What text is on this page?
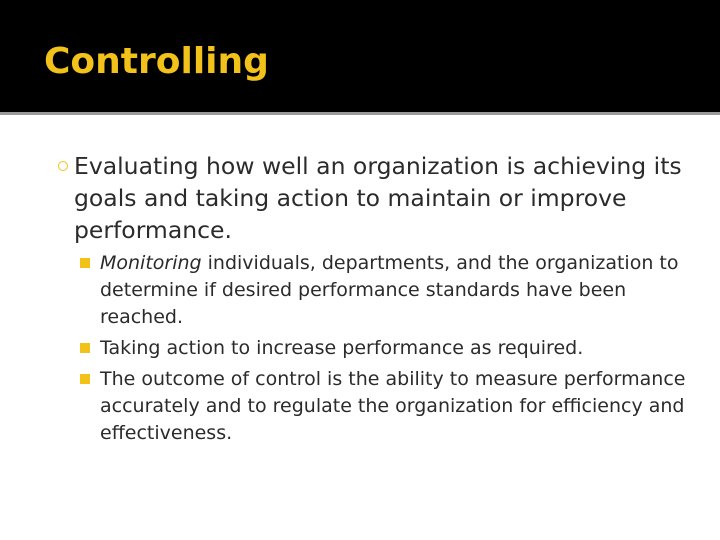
Controlling
Evaluating how well an organization is achieving its goals and taking action to maintain or improve performance.
Monitoring individuals, departments, and the organization to determine if desired performance standards have been reached.
Taking action to increase performance as required.
The outcome of control is the ability to measure performance accurately and to regulate the organization for efficiency and effectiveness.
